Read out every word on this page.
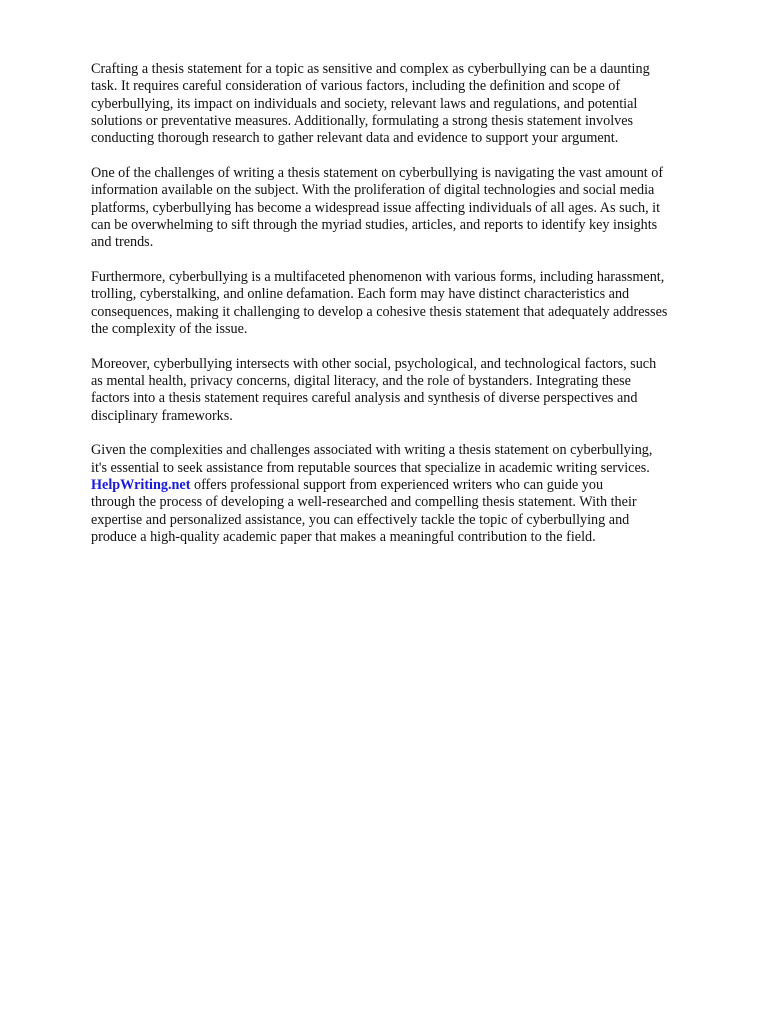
Crafting a thesis statement for a topic as sensitive and complex as cyberbullying can be a daunting
task. It requires careful consideration of various factors, including the definition and scope of
cyberbullying, its impact on individuals and society, relevant laws and regulations, and potential
solutions or preventative measures. Additionally, formulating a strong thesis statement involves
conducting thorough research to gather relevant data and evidence to support your argument.

One of the challenges of writing a thesis statement on cyberbullying is navigating the vast amount of
information available on the subject. With the proliferation of digital technologies and social media
platforms, cyberbullying has become a widespread issue affecting individuals of all ages. As such, it
can be overwhelming to sift through the myriad studies, articles, and reports to identify key insights
and trends.

Furthermore, cyberbullying is a multifaceted phenomenon with various forms, including harassment,
trolling, cyberstalking, and online defamation. Each form may have distinct characteristics and
consequences, making it challenging to develop a cohesive thesis statement that adequately addresses
the complexity of the issue.

Moreover, cyberbullying intersects with other social, psychological, and technological factors, such
as mental health, privacy concerns, digital literacy, and the role of bystanders. Integrating these
factors into a thesis statement requires careful analysis and synthesis of diverse perspectives and
disciplinary frameworks.

Given the complexities and challenges associated with writing a thesis statement on cyberbullying,
it's essential to seek assistance from reputable sources that specialize in academic writing services.
HelpWriting.net offers professional support from experienced writers who can guide you
through the process of developing a well-researched and compelling thesis statement. With their
expertise and personalized assistance, you can effectively tackle the topic of cyberbullying and
produce a high-quality academic paper that makes a meaningful contribution to the field.
